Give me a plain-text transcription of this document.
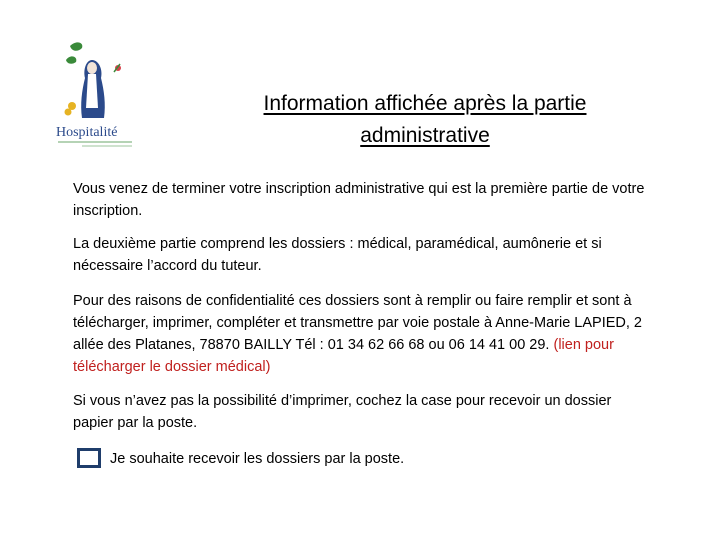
Hospitalité
Information affichée après la partie administrative
Vous venez de terminer votre inscription administrative qui est la première partie de votre inscription.
La deuxième partie comprend les dossiers : médical, paramédical, aumônerie et si nécessaire l’accord du tuteur.
Pour des raisons de confidentialité ces dossiers sont à remplir ou faire remplir et sont à télécharger, imprimer, compléter et transmettre par voie postale à Anne-Marie LAPIED, 2 allée des Platanes, 78870 BAILLY Tél : 01 34 62 66 68 ou 06 14 41 00 29. (lien pour télécharger le dossier médical)
Si vous n’avez pas la possibilité d’imprimer, cochez la case pour recevoir un dossier papier par la poste.
Je souhaite recevoir les dossiers par la poste.
